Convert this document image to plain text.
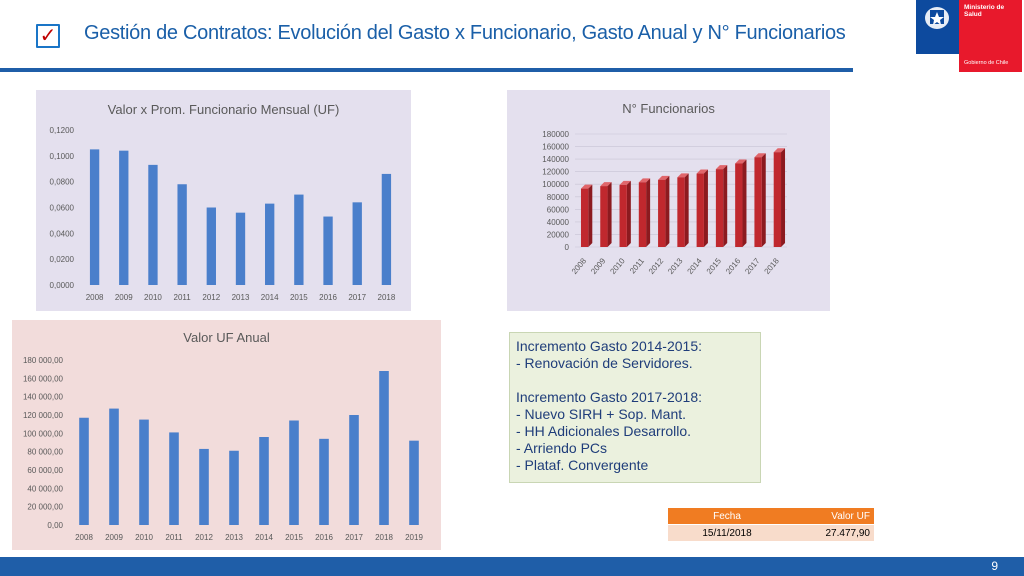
✓ Gestión de Contratos: Evolución del Gasto x Funcionario, Gasto Anual y N° Funcionarios
Ministerio de Salud
Gobierno de Chile
Valor x Prom. Funcionario Mensual (UF)
0,0000
0,0200
0,0400
0,0600
0,0800
0,1000
0,1200
2008 2009 2010 2011 2012 2013 2014 2015 2016 2017 2018
N° Funcionarios
0
20000
40000
60000
80000
100000
120000
140000
160000
180000
2008 2009 2010 2011 2012 2013 2014 2015 2016 2017 2018
Valor UF Anual
0,00
20 000,00
40 000,00
60 000,00
80 000,00
100 000,00
120 000,00
140 000,00
160 000,00
180 000,00
2008 2009 2010 2011 2012 2013 2014 2015 2016 2017 2018 2019
Incremento Gasto 2014-2015:
- Renovación de Servidores.
Incremento Gasto 2017-2018:
- Nuevo SIRH + Sop. Mant.
- HH Adicionales Desarrollo.
- Arriendo PCs
- Plataf. Convergente
Fecha	Valor UF
15/11/2018	27.477,90
9
